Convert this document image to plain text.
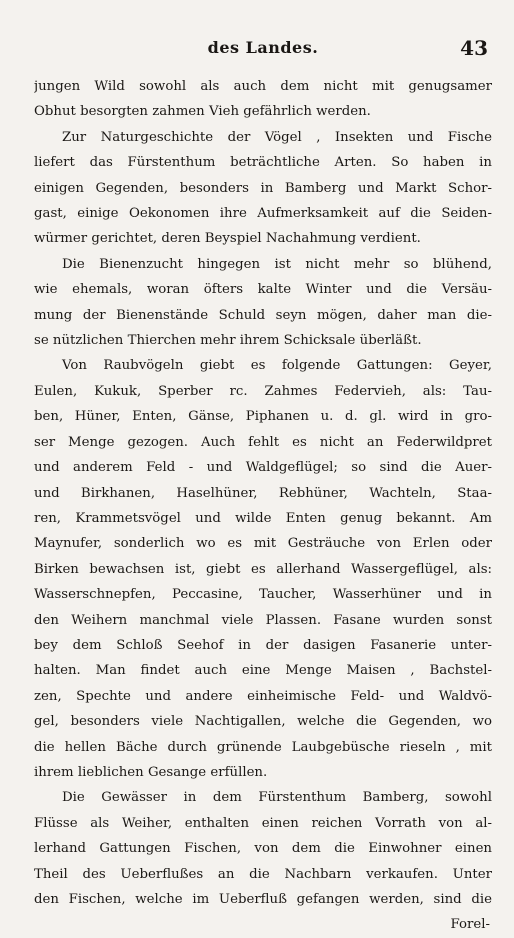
des Landes.	43
jungen Wild sowohl als auch dem nicht mit genugsamer
Obhut besorgten zahmen Vieh gefährlich werden.
Zur Naturgeschichte der Vögel , Insekten und Fische
liefert das Fürstenthum beträchtliche Arten. So haben in
einigen Gegenden, besonders in Bamberg und Markt Schor-
gast, einige Oekonomen ihre Aufmerksamkeit auf die Seiden-
würmer gerichtet, deren Beyspiel Nachahmung verdient.
Die Bienenzucht hingegen ist nicht mehr so blühend,
wie ehemals, woran öfters kalte Winter und die Versäu-
mung der Bienenstände Schuld seyn mögen, daher man die-
se nützlichen Thierchen mehr ihrem Schicksale überläßt.
Von Raubvögeln giebt es folgende Gattungen: Geyer,
Eulen, Kukuk, Sperber rc. Zahmes Federvieh, als: Tau-
ben, Hüner, Enten, Gänse, Piphanen u. d. gl. wird in gro-
ser Menge gezogen. Auch fehlt es nicht an Federwildpret
und anderem Feld - und Waldgeflügel; so sind die Auer-
und Birkhanen, Haselhüner, Rebhüner, Wachteln, Staa-
ren, Krammetsvögel und wilde Enten genug bekannt. Am
Maynufer, sonderlich wo es mit Gesträuche von Erlen oder
Birken bewachsen ist, giebt es allerhand Wassergeflügel, als:
Wasserschnepfen, Peccasine, Taucher, Wasserhüner und in
den Weihern manchmal viele Plassen. Fasane wurden sonst
bey dem Schloß Seehof in der dasigen Fasanerie unter-
halten. Man findet auch eine Menge Maisen , Bachstel-
zen, Spechte und andere einheimische Feld- und Waldvö-
gel, besonders viele Nachtigallen, welche die Gegenden, wo
die hellen Bäche durch grünende Laubgebüsche rieseln , mit
ihrem lieblichen Gesange erfüllen.
Die Gewässer in dem Fürstenthum Bamberg, sowohl
Flüsse als Weiher, enthalten einen reichen Vorrath von al-
lerhand Gattungen Fischen, von dem die Einwohner einen
Theil des Ueberflußes an die Nachbarn verkaufen. Unter
den Fischen, welche im Ueberfluß gefangen werden, sind die
Forel-
